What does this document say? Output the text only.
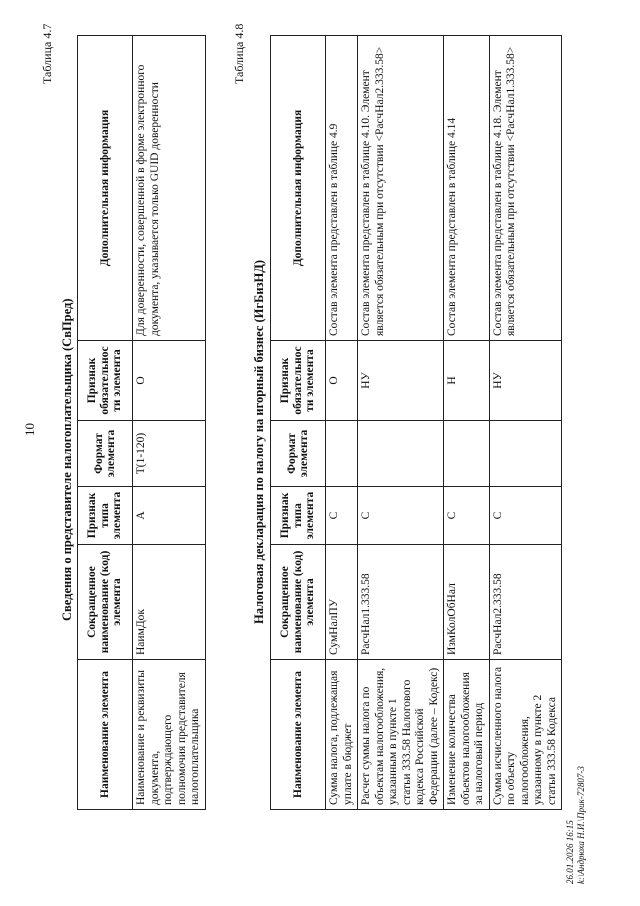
10
Таблица 4.7
Сведения о представителе налогоплательщика (СвПред)
Наименование элемента	Сокращенное наименование (код) элемента	Признак типа элемента	Формат элемента	Признак обязательности элемента	Дополнительная информация
Наименование и реквизиты документа, подтверждающего полномочия представителя налогоплательщика	НаимДок	А	Т(1-120)	О	Для доверенности, совершенной в форме электронного документа, указывается только GUID доверенности
Таблица 4.8
Налоговая декларация по налогу на игорный бизнес (ИгБизНД)
Наименование элемента	Сокращенное наименование (код) элемента	Признак типа элемента	Формат элемента	Признак обязательности элемента	Дополнительная информация
Сумма налога, подлежащая уплате в бюджет	СумНалПУ	С		О	Состав элемента представлен в таблице 4.9
Расчет суммы налога по объектам налогообложения, указанным в пункте 1 статьи 333.58 Налогового кодекса Российской Федерации (далее – Кодекс)	РасчНал1.333.58	С		НУ	Состав элемента представлен в таблице 4.10. Элемент является обязательным при отсутствии <РасчНал2.333.58>
Изменение количества объектов налогообложения за налоговый период	ИзмКолОбНал	С		Н	Состав элемента представлен в таблице 4.14
Сумма исчисленного налога по объекту налогообложения, указанному в пункте 2 статьи 333.58 Кодекса	РасчНал2.333.58	С		НУ	Состав элемента представлен в таблице 4.18. Элемент является обязательным при отсутствии <РасчНал1.333.58>
26.01.2026 16:15 k:\Андрюха Н.И.\Прик-72807-3
